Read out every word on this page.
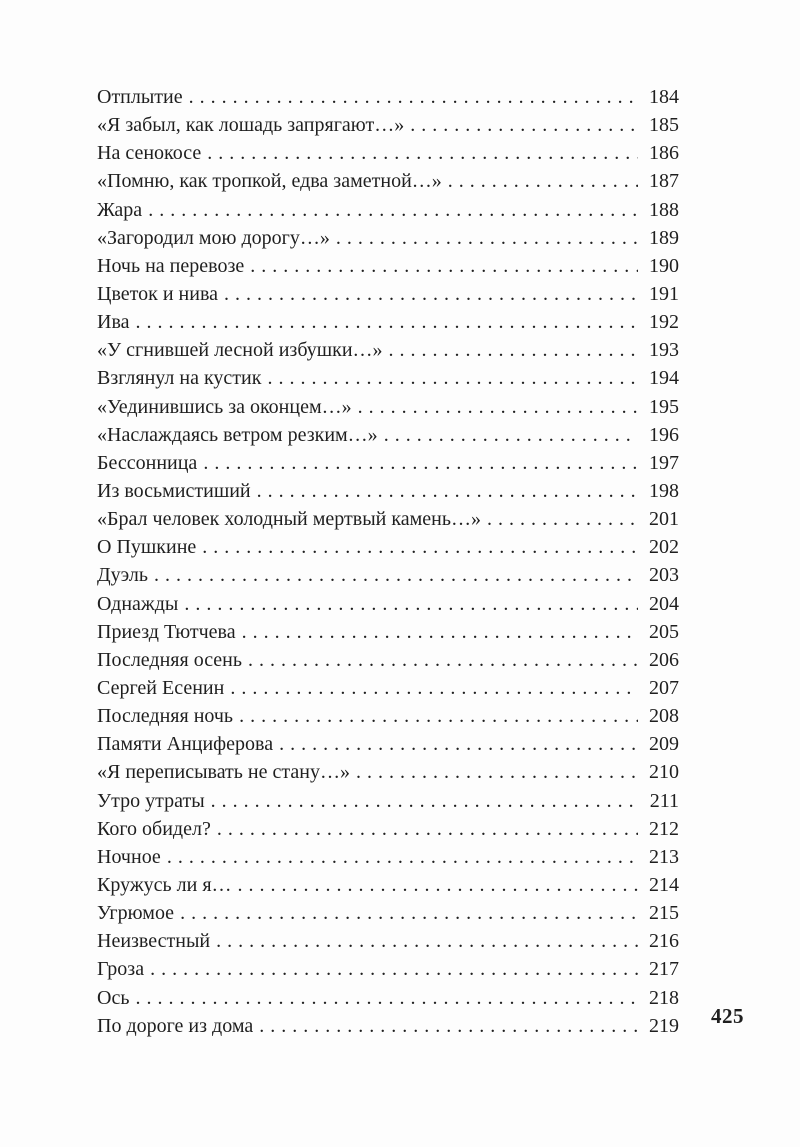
Отплытие . . .	184
«Я забыл, как лошадь запрягают…» . . .	185
На сенокосе . . .	186
«Помню, как тропкой, едва заметной…» . . .	187
Жара . . .	188
«Загородил мою дорогу…» . . .	189
Ночь на перевозе . . .	190
Цветок и нива . . .	191
Ива . . .	192
«У сгнившей лесной избушки…» . . .	193
Взглянул на кустик . . .	194
«Уединившись за оконцем…» . . .	195
«Наслаждаясь ветром резким…» . . .	196
Бессонница . . .	197
Из восьмистиший . . .	198
«Брал человек холодный мертвый камень…» . . .	201
О Пушкине . . .	202
Дуэль . . .	203
Однажды . . .	204
Приезд Тютчева . . .	205
Последняя осень . . .	206
Сергей Есенин . . .	207
Последняя ночь . . .	208
Памяти Анциферова . . .	209
«Я переписывать не стану…» . . .	210
Утро утраты . . .	211
Кого обидел? . . .	212
Ночное . . .	213
Кружусь ли я… . . .	214
Угрюмое . . .	215
Неизвестный . . .	216
Гроза . . .	217
Ось . . .	218
По дороге из дома . . .	219	425
